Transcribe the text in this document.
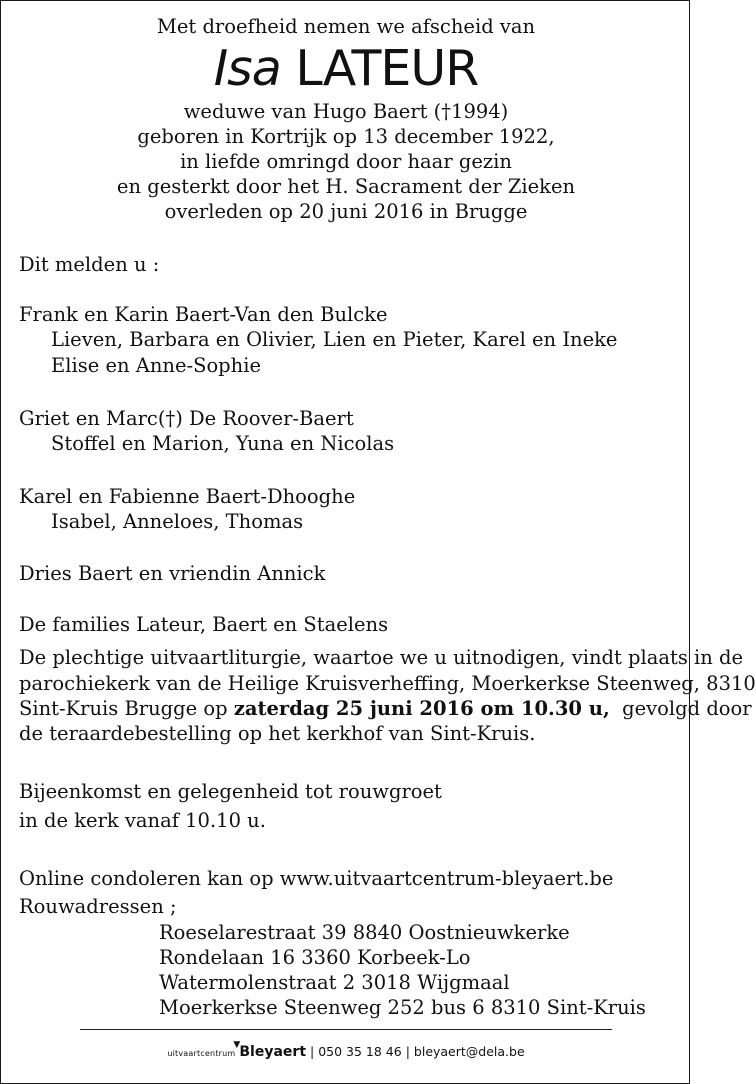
Met droefheid nemen we afscheid van
Isa LATEUR
weduwe van Hugo Baert (†1994)
geboren in Kortrijk op 13 december 1922,
in liefde omringd door haar gezin
en gesterkt door het H. Sacrament der Zieken
overleden op 20 juni 2016 in Brugge
Dit melden u :
Frank en Karin Baert-Van den Bulcke
Lieven, Barbara en Olivier, Lien en Pieter, Karel en Ineke
Elise en Anne-Sophie
Griet en Marc(†) De Roover-Baert
Stoffel en Marion, Yuna en Nicolas
Karel en Fabienne Baert-Dhooghe
Isabel, Anneloes, Thomas
Dries Baert en vriendin Annick
De families Lateur, Baert en Staelens
De plechtige uitvaartliturgie, waartoe we u uitnodigen, vindt plaats in de
parochiekerk van de Heilige Kruisverheffing, Moerkerkse Steenweg, 8310
Sint-Kruis Brugge op zaterdag 25 juni 2016 om 10.30 u,  gevolgd door
de teraardebestelling op het kerkhof van Sint-Kruis.
Bijeenkomst en gelegenheid tot rouwgroet
in de kerk vanaf 10.10 u.
Online condoleren kan op www.uitvaartcentrum-bleyaert.be
Rouwadressen ;
Roeselarestraat 39 8840 Oostnieuwkerke
Rondelaan 16 3360 Korbeek-Lo
Watermolenstraat 2 3018 Wijgmaal
Moerkerkse Steenweg 252 bus 6 8310 Sint-Kruis
uitvaartcentrum
▼ Bleyaert | 050 35 18 46 | bleyaert@dela.be
